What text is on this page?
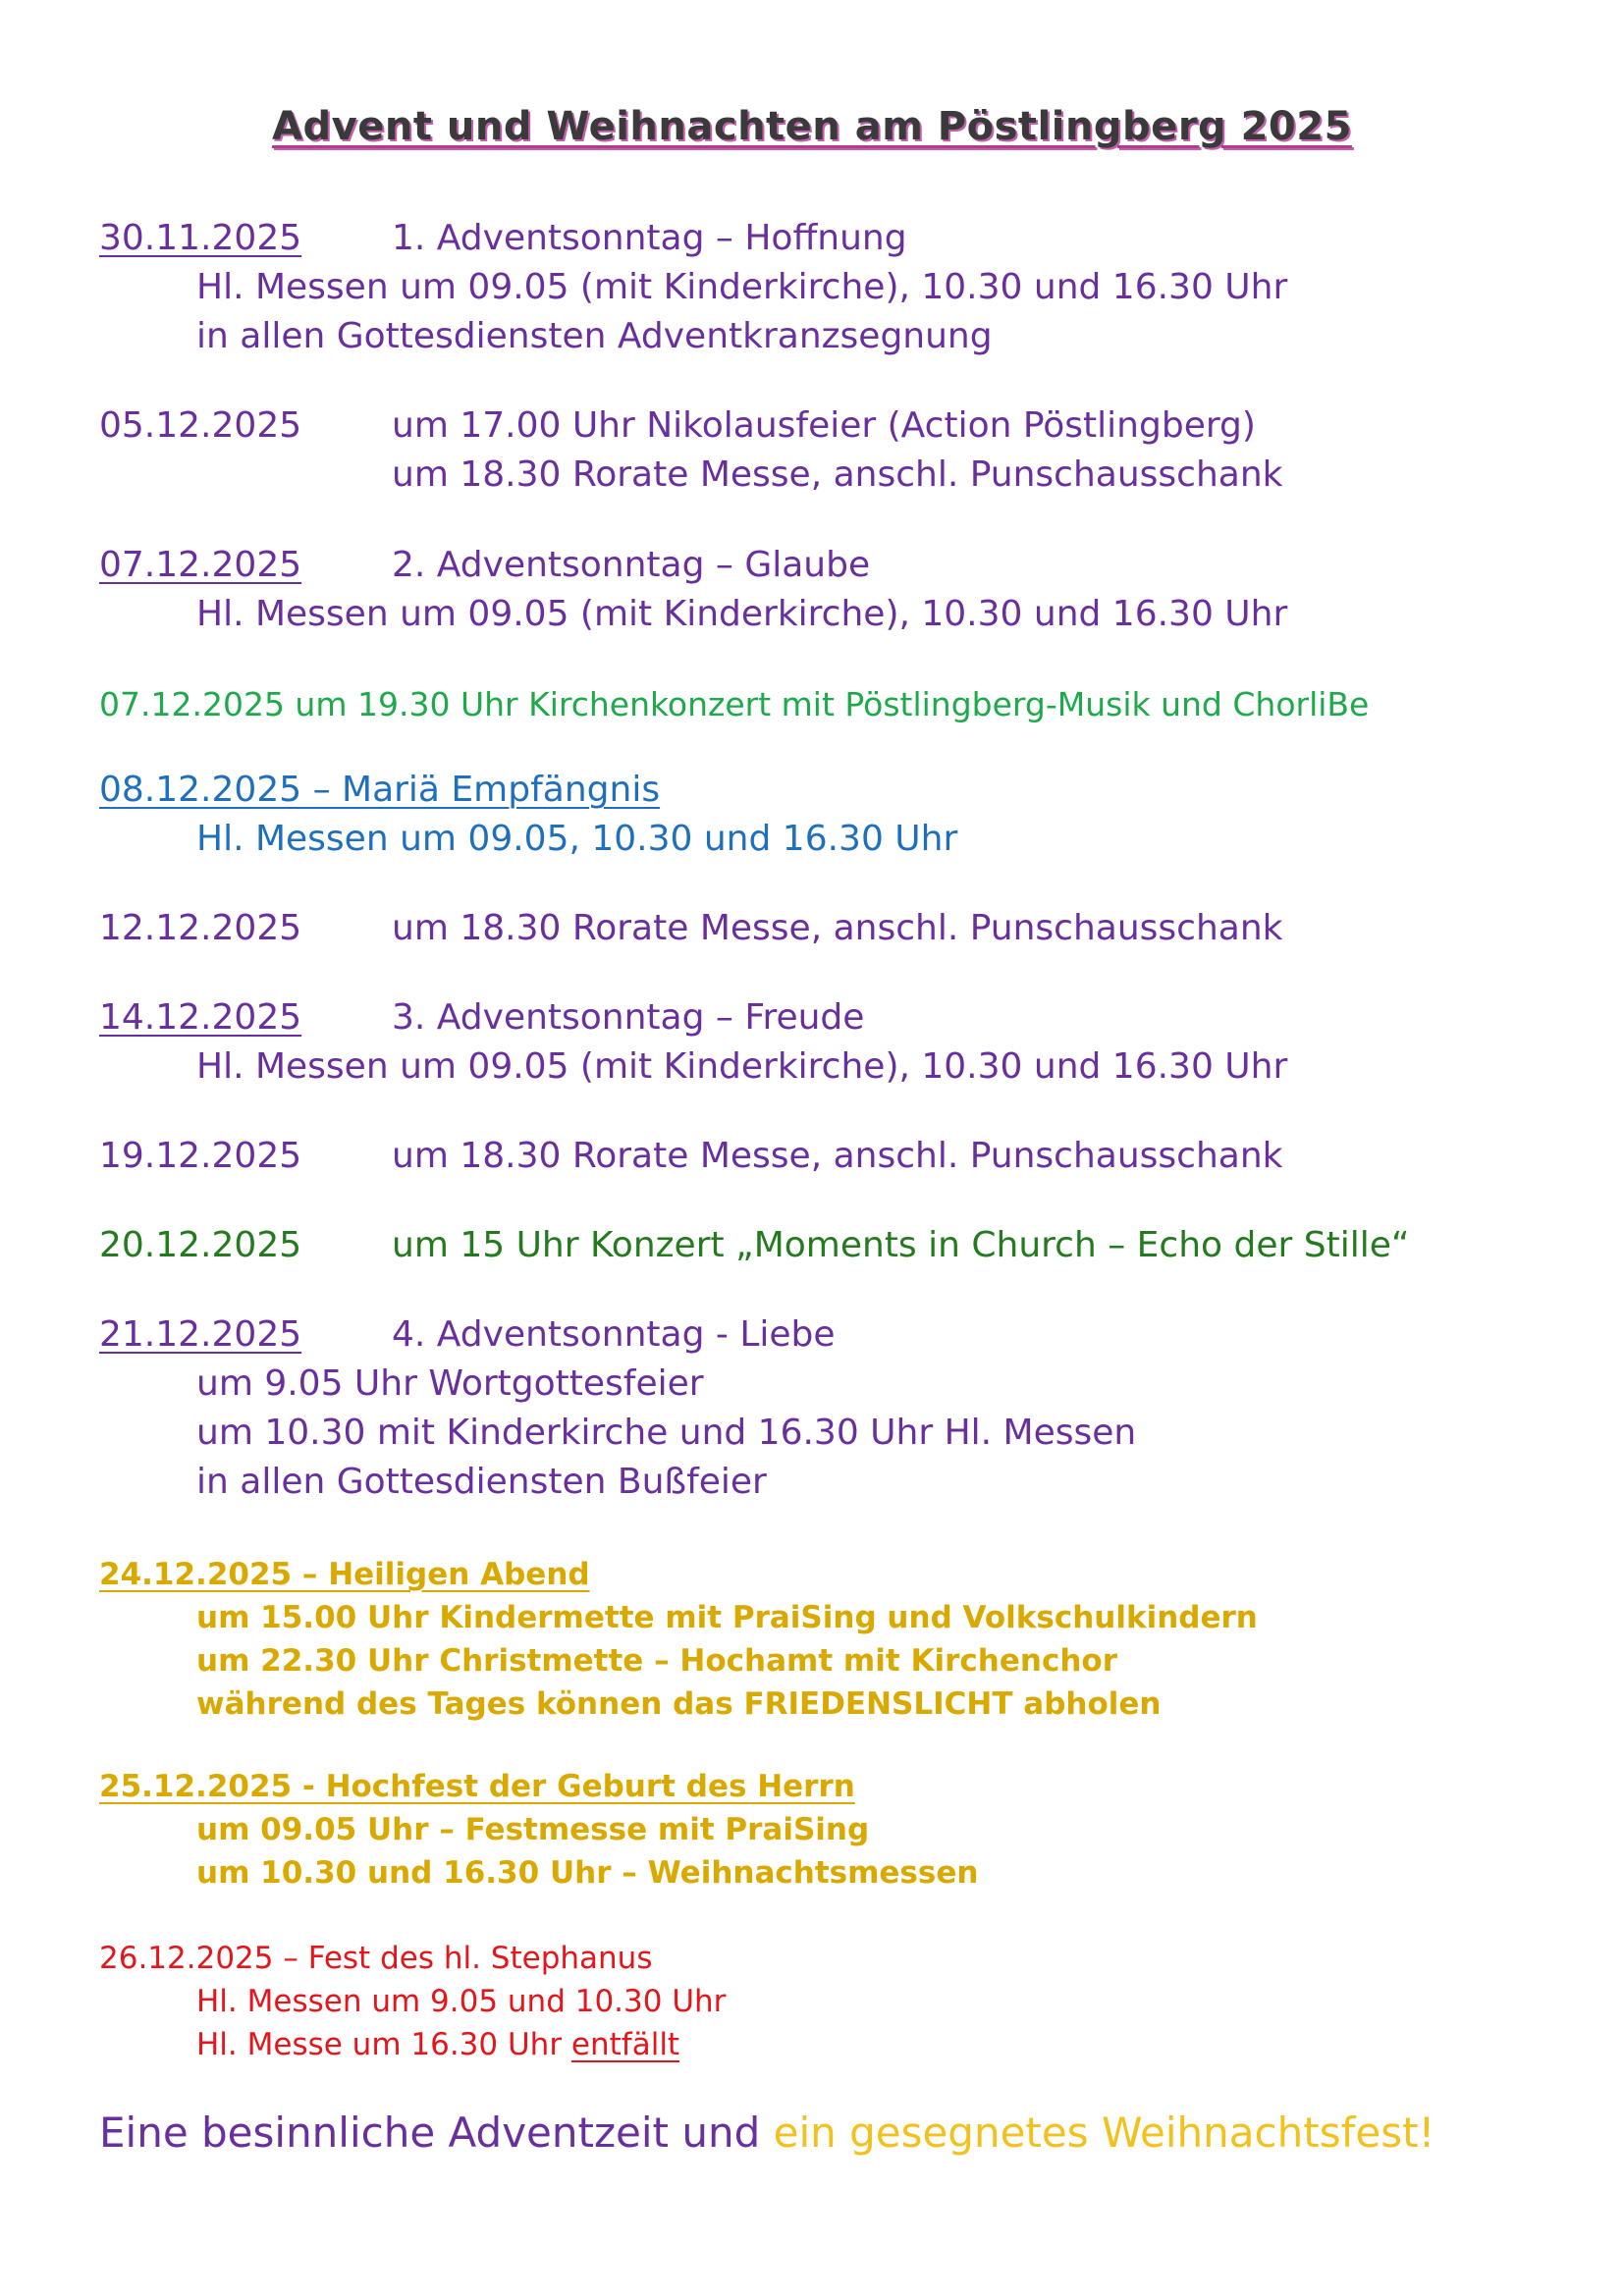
Advent und Weihnachten am Pöstlingberg 2025
30.11.2025	1. Adventsonntag – Hoffnung
Hl. Messen um 09.05 (mit Kinderkirche), 10.30 und 16.30 Uhr
in allen Gottesdiensten Adventkranzsegnung
05.12.2025	um 17.00 Uhr Nikolausfeier (Action Pöstlingberg)
um 18.30 Rorate Messe, anschl. Punschausschank
07.12.2025	2. Adventsonntag – Glaube
Hl. Messen um 09.05 (mit Kinderkirche), 10.30 und 16.30 Uhr
07.12.2025 um 19.30 Uhr Kirchenkonzert mit Pöstlingberg-Musik und ChorliBe
08.12.2025 – Mariä Empfängnis
Hl. Messen um 09.05, 10.30 und 16.30 Uhr
12.12.2025	um 18.30 Rorate Messe, anschl. Punschausschank
14.12.2025	3. Adventsonntag – Freude
Hl. Messen um 09.05 (mit Kinderkirche), 10.30 und 16.30 Uhr
19.12.2025	um 18.30 Rorate Messe, anschl. Punschausschank
20.12.2025	um 15 Uhr Konzert „Moments in Church – Echo der Stille“
21.12.2025	4. Adventsonntag - Liebe
um 9.05 Uhr Wortgottesfeier
um 10.30 mit Kinderkirche und 16.30 Uhr Hl. Messen
in allen Gottesdiensten Bußfeier
24.12.2025 – Heiligen Abend
um 15.00 Uhr Kindermette mit PraiSing und Volkschulkindern
um 22.30 Uhr Christmette – Hochamt mit Kirchenchor
während des Tages können das FRIEDENSLICHT abholen
25.12.2025 - Hochfest der Geburt des Herrn
um 09.05 Uhr – Festmesse mit PraiSing
um 10.30 und 16.30 Uhr – Weihnachtsmessen
26.12.2025 – Fest des hl. Stephanus
Hl. Messen um 9.05 und 10.30 Uhr
Hl. Messe um 16.30 Uhr entfällt
Eine besinnliche Adventzeit und ein gesegnetes Weihnachtsfest!
